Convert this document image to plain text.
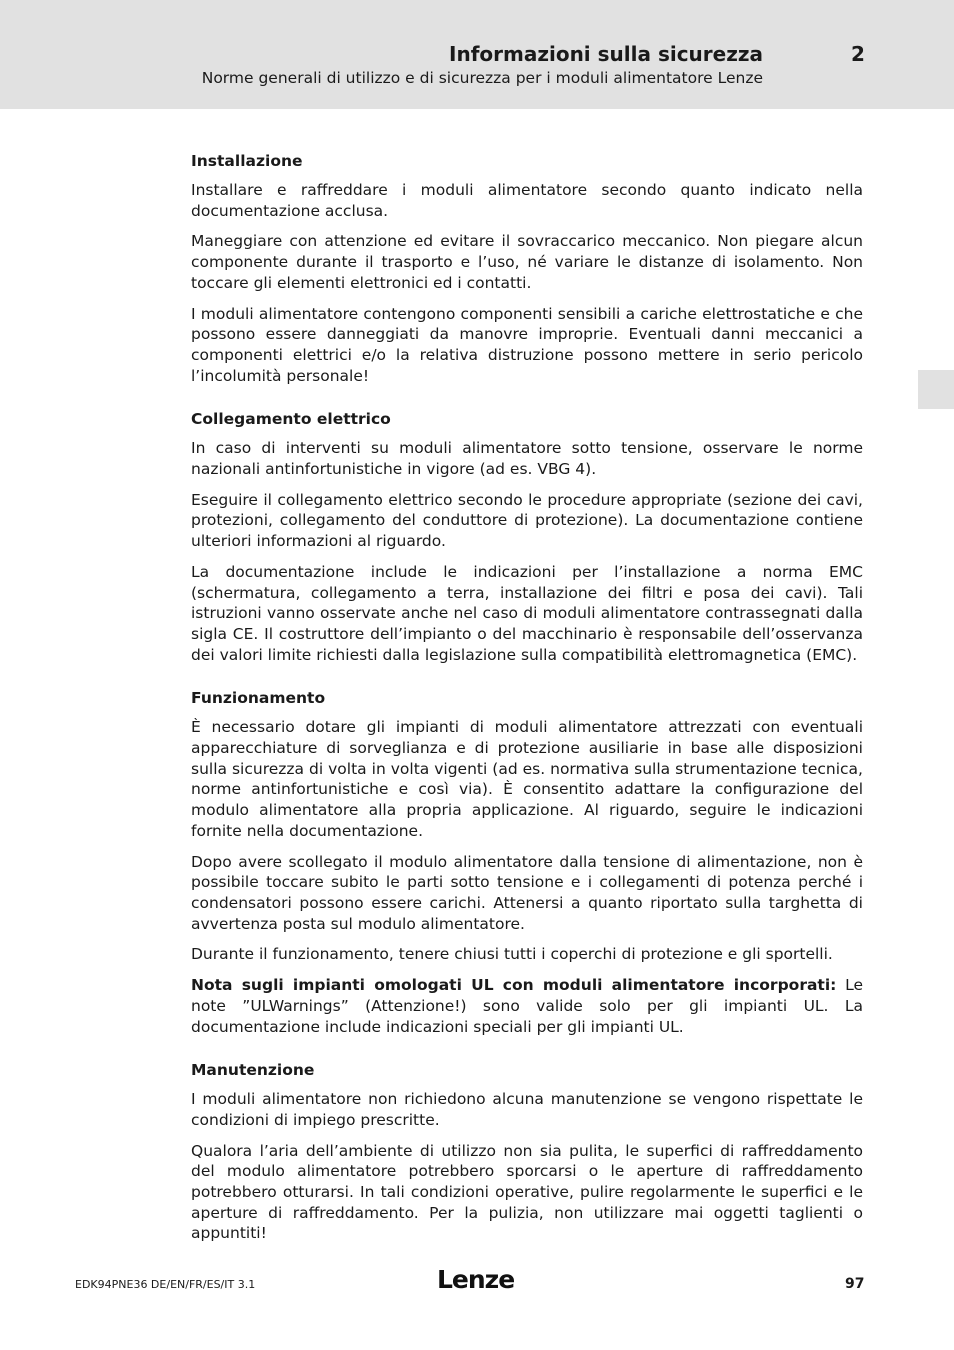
Informazioni sulla sicurezza	2
Norme generali di utilizzo e di sicurezza per i moduli alimentatore Lenze
Installazione

Installare e raffreddare i moduli alimentatore secondo quanto indicato nella documentazione acclusa.

Maneggiare con attenzione ed evitare il sovraccarico meccanico. Non piegare alcun componente durante il trasporto e l’uso, né variare le distanze di isolamento. Non toccare gli elementi elettronici ed i contatti.

I moduli alimentatore contengono componenti sensibili a cariche elettrostatiche e che possono essere danneggiati da manovre improprie. Eventuali danni meccanici a componenti elettrici e/o la relativa distruzione possono mettere in serio pericolo l’incolumità personale!

Collegamento elettrico

In caso di interventi su moduli alimentatore sotto tensione, osservare le norme nazionali antinfortunistiche in vigore (ad es. VBG 4).

Eseguire il collegamento elettrico secondo le procedure appropriate (sezione dei cavi, protezioni, collegamento del conduttore di protezione). La documentazione contiene ulteriori informazioni al riguardo.

La documentazione include le indicazioni per l’installazione a norma EMC (schermatura, collegamento a terra, installazione dei filtri e posa dei cavi). Tali istruzioni vanno osservate anche nel caso di moduli alimentatore contrassegnati dalla sigla CE. Il costruttore dell’impianto o del macchinario è responsabile dell’osservanza dei valori limite richiesti dalla legislazione sulla compatibilità elettromagnetica (EMC).

Funzionamento

È necessario dotare gli impianti di moduli alimentatore attrezzati con eventuali apparecchiature di sorveglianza e di protezione ausiliarie in base alle disposizioni sulla sicurezza di volta in volta vigenti (ad es. normativa sulla strumentazione tecnica, norme antinfortunistiche e così via). È consentito adattare la configurazione del modulo alimentatore alla propria applicazione. Al riguardo, seguire le indicazioni fornite nella documentazione.

Dopo avere scollegato il modulo alimentatore dalla tensione di alimentazione, non è possibile toccare subito le parti sotto tensione e i collegamenti di potenza perché i condensatori possono essere carichi. Attenersi a quanto riportato sulla targhetta di avvertenza posta sul modulo alimentatore.

Durante il funzionamento, tenere chiusi tutti i coperchi di protezione e gli sportelli.

Nota sugli impianti omologati UL con moduli alimentatore incorporati: Le note ”ULWarnings” (Attenzione!) sono valide solo per gli impianti UL. La documentazione include indicazioni speciali per gli impianti UL.

Manutenzione

I moduli alimentatore non richiedono alcuna manutenzione se vengono rispettate le condizioni di impiego prescritte.

Qualora l’aria dell’ambiente di utilizzo non sia pulita, le superfici di raffreddamento del modulo alimentatore potrebbero sporcarsi o le aperture di raffreddamento potrebbero otturarsi. In tali condizioni operative, pulire regolarmente le superfici e le aperture di raffreddamento. Per la pulizia, non utilizzare mai oggetti taglienti o appuntiti!

EDK94PNE36 DE/EN/FR/ES/IT 3.1	Lenze	97
